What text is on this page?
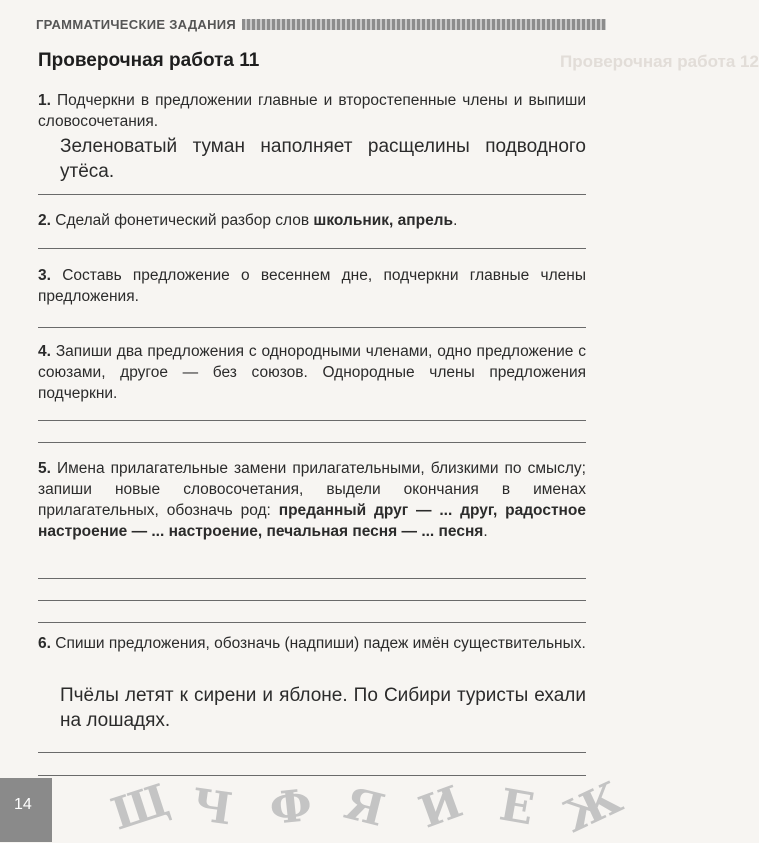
ГРАММАТИЧЕСКИЕ ЗАДАНИЯ
Проверочная работа 12
Проверочная работа 11
1. Подчеркни в предложении главные и второстепенные члены и выпиши словосочетания.
Зеленоватый туман наполняет расщелины подводного утёса.
2. Сделай фонетический разбор слов школьник, апрель.
3. Составь предложение о весеннем дне, подчеркни главные члены предложения.
4. Запиши два предложения с однородными членами, одно предложение с союзами, другое — без союзов. Однородные члены предложения подчеркни.
5. Имена прилагательные замени прилагательными, близкими по смыслу; запиши новые словосочетания, выдели окончания в именах прилагательных, обозначь род: преданный друг — ... друг, радостное настроение — ... настроение, печальная песня — ... песня.
6. Спиши предложения, обозначь (надпиши) падеж имён существительных.
Пчёлы летят к сирени и яблоне. По Сибири туристы ехали на лошадях.
14 Щ Ч Ф Я И Е Ж
